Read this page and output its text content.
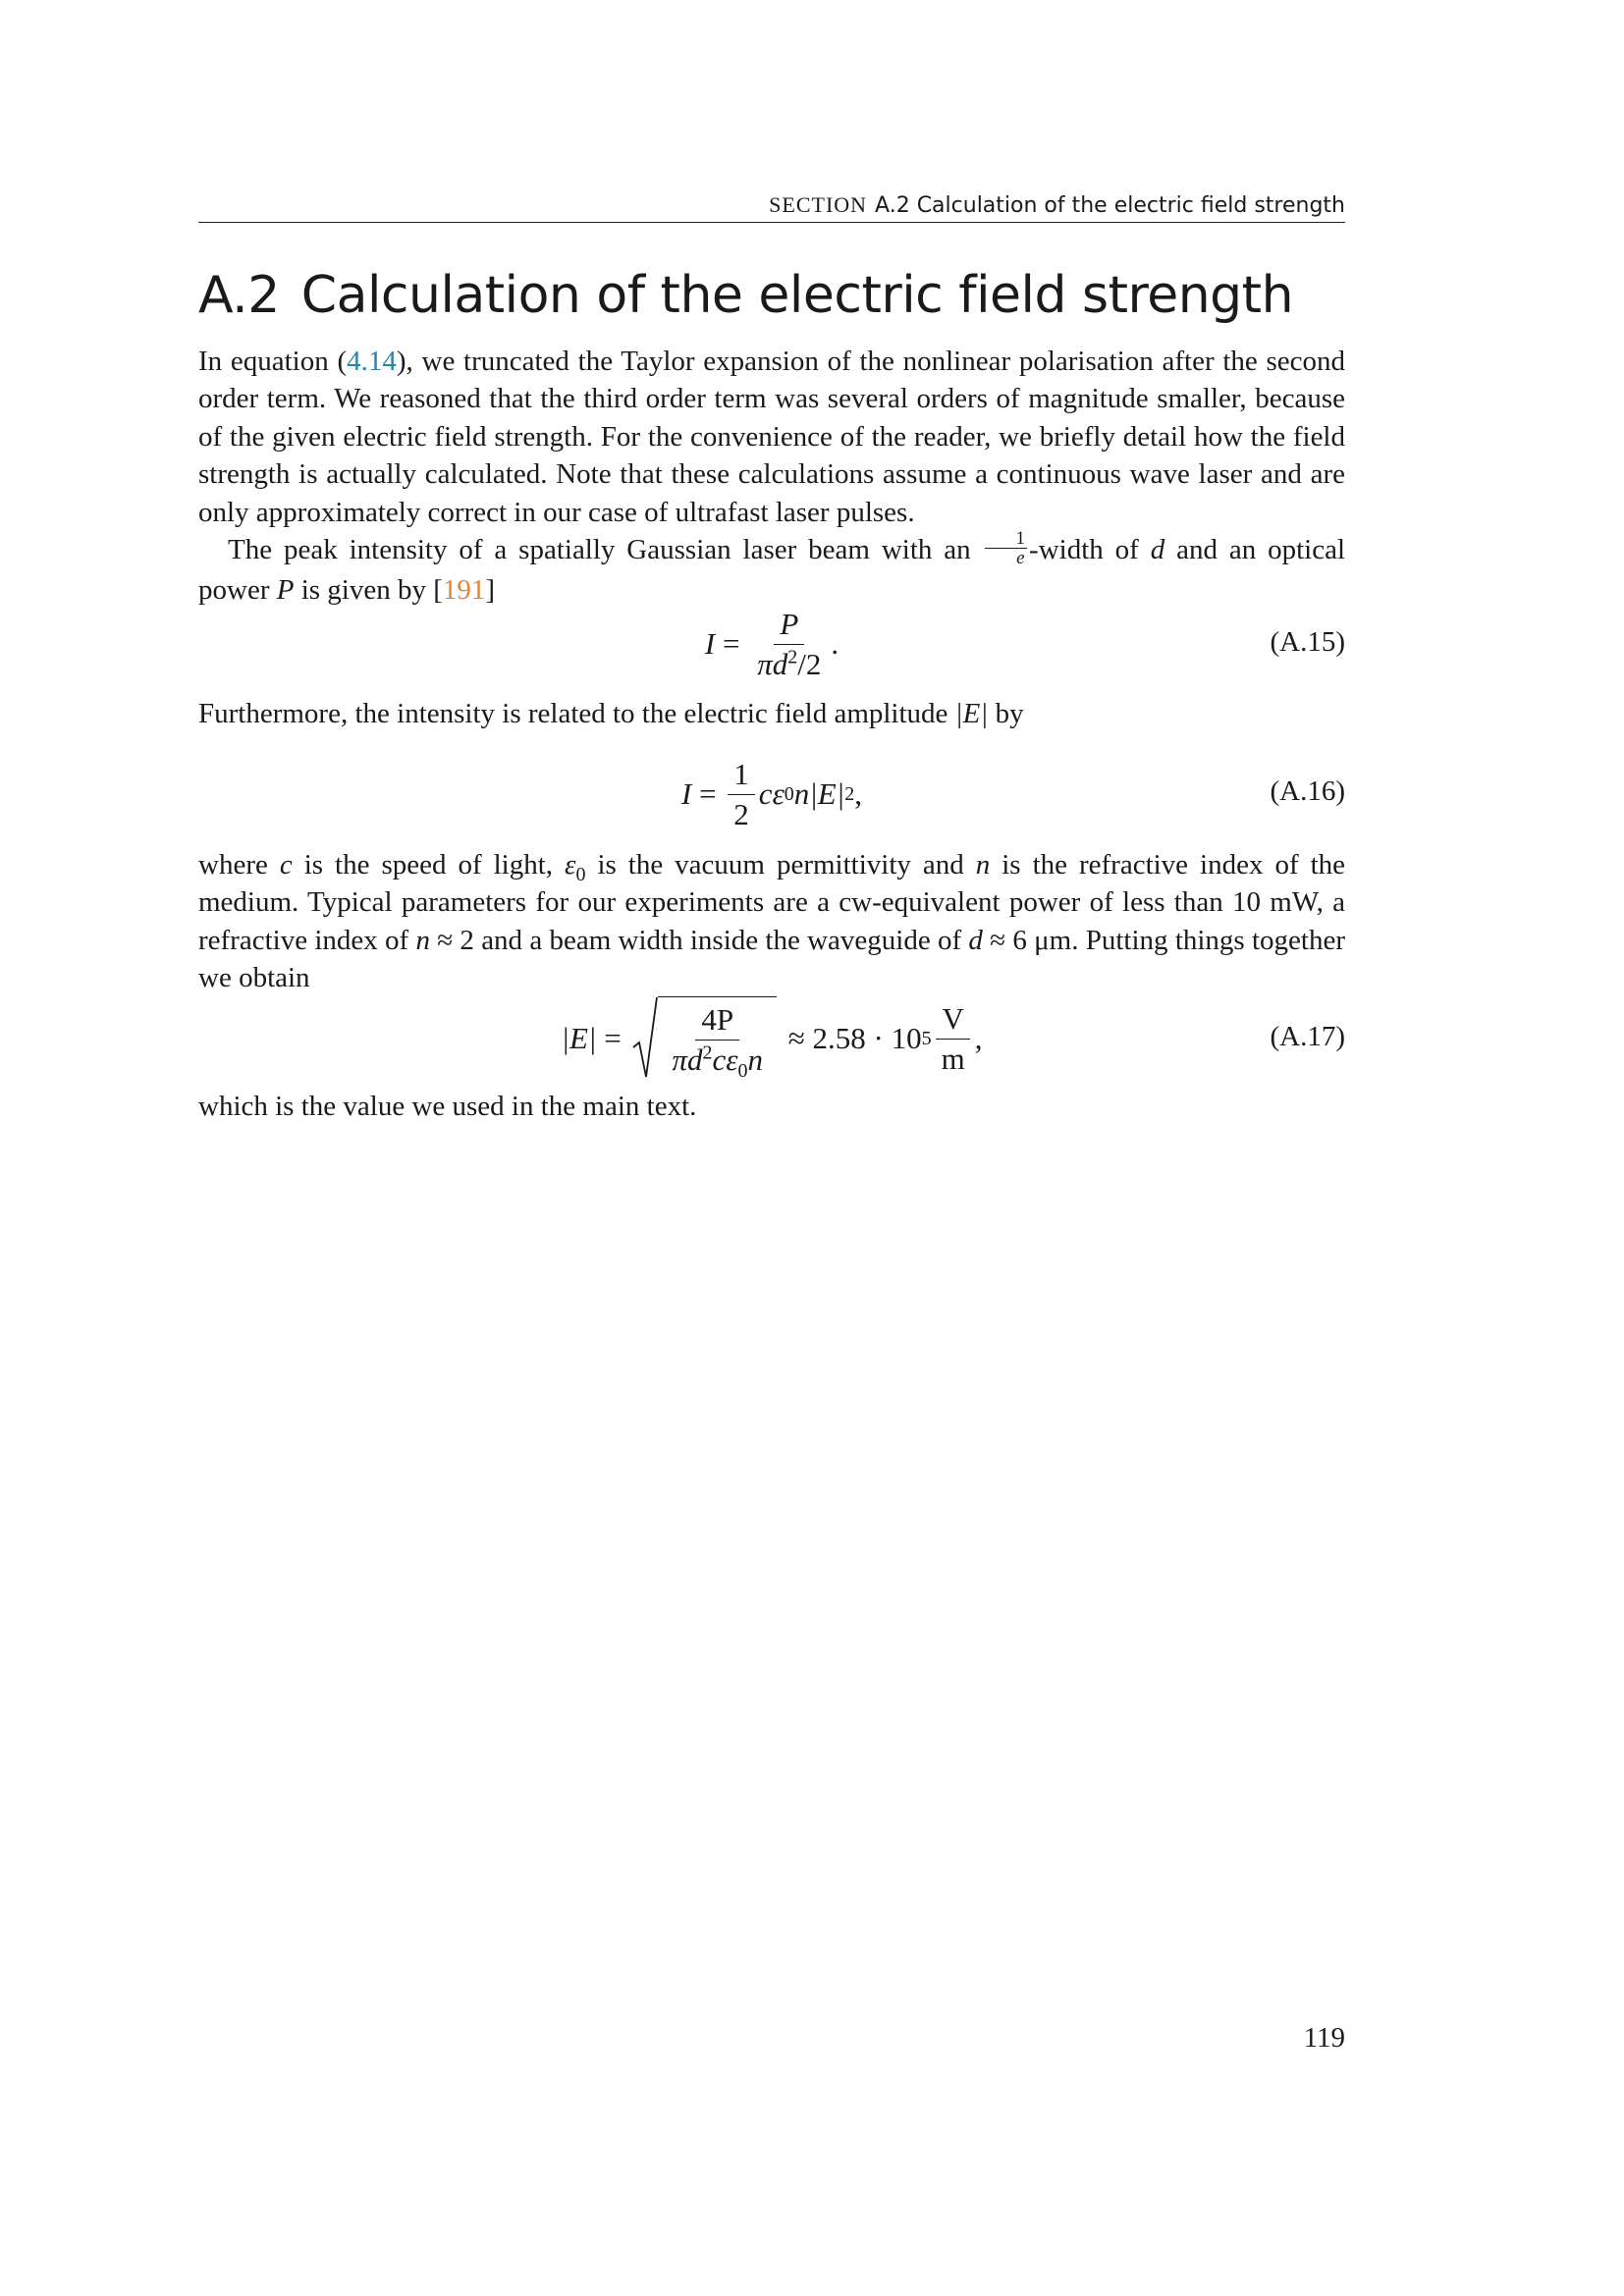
SECTION A.2 Calculation of the electric field strength
A.2 Calculation of the electric field strength

In equation (4.14), we truncated the Taylor expansion of the nonlinear polarisation after the second order term. We reasoned that the third order term was several orders of magnitude smaller, because of the given electric field strength. For the convenience of the reader, we briefly detail how the field strength is actually calculated. Note that these calculations assume a continuous wave laser and are only approximately correct in our case of ultrafast laser pulses.

The peak intensity of a spatially Gaussian laser beam with an $\frac{1}{e}$ -width of d and an optical power P is given by [191]

$I = \frac{P}{\pi d^2/2}$ .	(A.15)
Furthermore, the intensity is related to the electric field amplitude |E| by
$I = \frac{1}{2}$ c ε 0 n |E| 2 ,	(A.16)
where c is the speed of light, $\varepsilon_0$ is the vacuum permittivity and n is the refractive index of the medium. Typical parameters for our experiments are a cw-equivalent power of less than 10 mW, a refractive index of n ≈ 2 and a beam width inside the waveguide of d ≈ 6 μm. Putting things together we obtain
$|E| = \frac{4P}{\pi d^2c\varepsilon_0n} \approx 2.58 \cdot 10$ $5 \frac{V}{m}$ ,	(A.17)
which is the value we used in the main text.
119
